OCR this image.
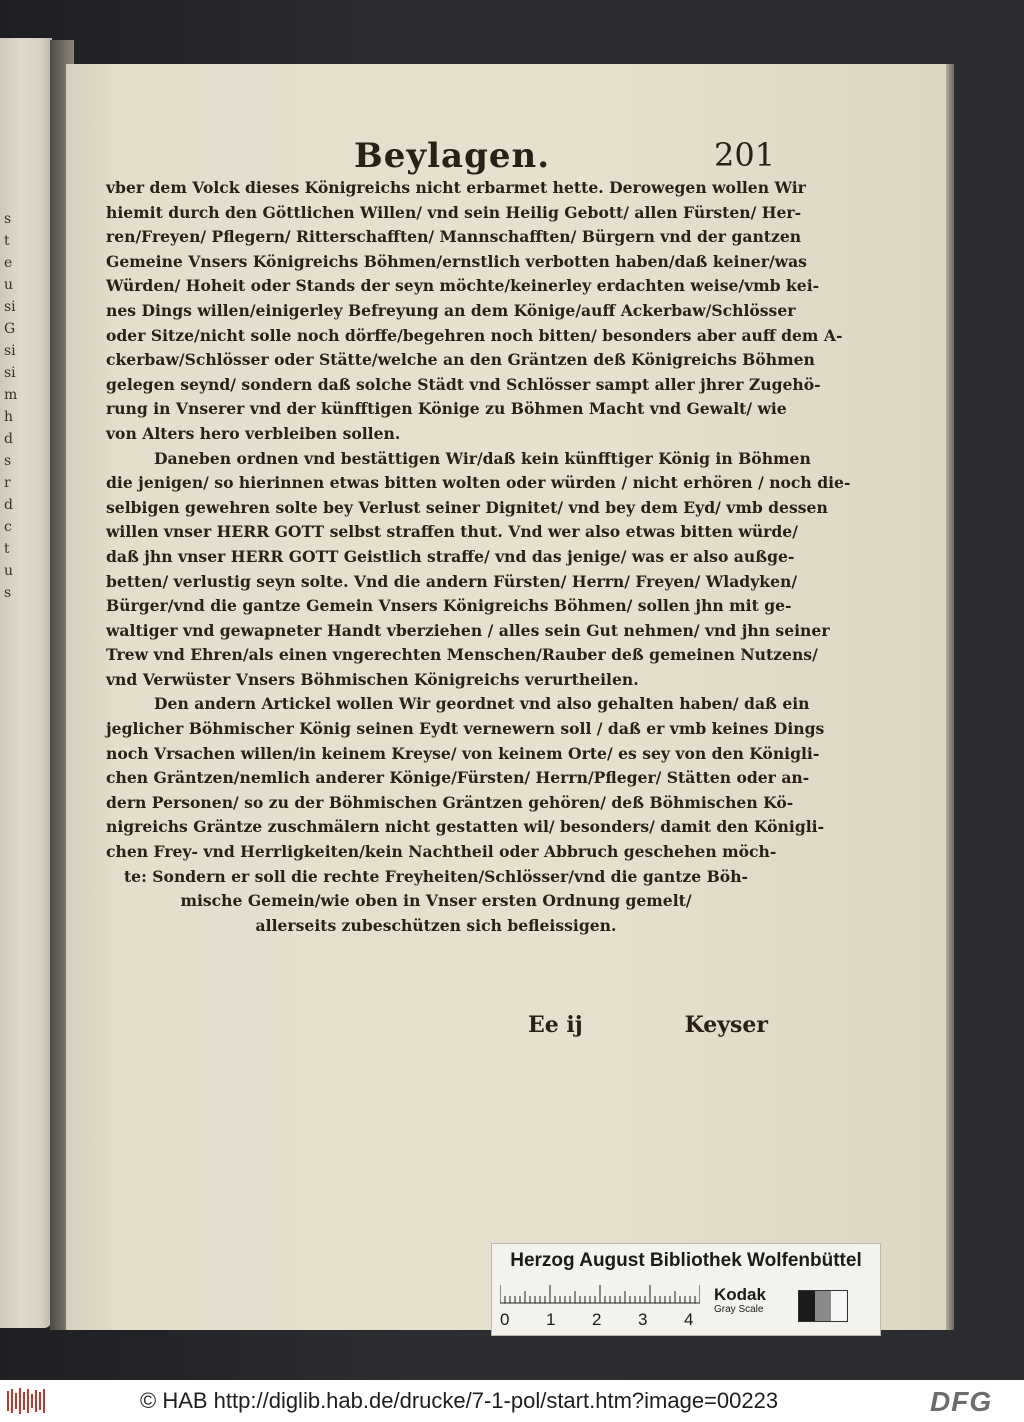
s
t
e
u
si
G
si
si
m
h
d
s
r
d
c
t
u
s
Beylagen.	201
vber dem Volck dieses Königreichs nicht erbarmet hette. Derowegen wollen Wir
hiemit durch den Göttlichen Willen/ vnd sein Heilig Gebott/ allen Fürsten/ Her-
ren/Freyen/ Pflegern/ Ritterschafften/ Mannschafften/ Bürgern vnd der gantzen
Gemeine Vnsers Königreichs Böhmen/ernstlich verbotten haben/daß keiner/was
Würden/ Hoheit oder Stands der seyn möchte/keinerley erdachten weise/vmb kei-
nes Dings willen/einigerley Befreyung an dem Könige/auff Ackerbaw/Schlösser
oder Sitze/nicht solle noch dörffe/begehren noch bitten/ besonders aber auff dem A-
ckerbaw/Schlösser oder Stätte/welche an den Gräntzen deß Königreichs Böhmen
gelegen seynd/ sondern daß solche Städt vnd Schlösser sampt aller jhrer Zugehö-
rung in Vnserer vnd der künfftigen Könige zu Böhmen Macht vnd Gewalt/ wie
von Alters hero verbleiben sollen.
Daneben ordnen vnd bestättigen Wir/daß kein künfftiger König in Böhmen
die jenigen/ so hierinnen etwas bitten wolten oder würden / nicht erhören / noch die-
selbigen gewehren solte bey Verlust seiner Dignitet/ vnd bey dem Eyd/ vmb dessen
willen vnser HERR GOTT selbst straffen thut. Vnd wer also etwas bitten würde/
daß jhn vnser HERR GOTT Geistlich straffe/ vnd das jenige/ was er also außge-
betten/ verlustig seyn solte. Vnd die andern Fürsten/ Herrn/ Freyen/ Wladyken/
Bürger/vnd die gantze Gemein Vnsers Königreichs Böhmen/ sollen jhn mit ge-
waltiger vnd gewapneter Handt vberziehen / alles sein Gut nehmen/ vnd jhn seiner
Trew vnd Ehren/als einen vngerechten Menschen/Rauber deß gemeinen Nutzens/
vnd Verwüster Vnsers Böhmischen Königreichs verurtheilen.
Den andern Artickel wollen Wir geordnet vnd also gehalten haben/ daß ein
jeglicher Böhmischer König seinen Eydt vernewern soll / daß er vmb keines Dings
noch Vrsachen willen/in keinem Kreyse/ von keinem Orte/ es sey von den Königli-
chen Gräntzen/nemlich anderer Könige/Fürsten/ Herrn/Pfleger/ Stätten oder an-
dern Personen/ so zu der Böhmischen Gräntzen gehören/ deß Böhmischen Kö-
nigreichs Gräntze zuschmälern nicht gestatten wil/ besonders/ damit den Königli-
chen Frey- vnd Herrligkeiten/kein Nachtheil oder Abbruch geschehen möch-
te: Sondern er soll die rechte Freyheiten/Schlösser/vnd die gantze Böh-
mische Gemein/wie oben in Vnser ersten Ordnung gemelt/
allerseits zubeschützen sich befleissigen.
Ee ij	Keyser
Herzog August Bibliothek Wolfenbüttel
0 1 2 3 4
Kodak
Gray Scale
© HAB http://diglib.hab.de/drucke/7-1-pol/start.htm?image=00223	DFG
